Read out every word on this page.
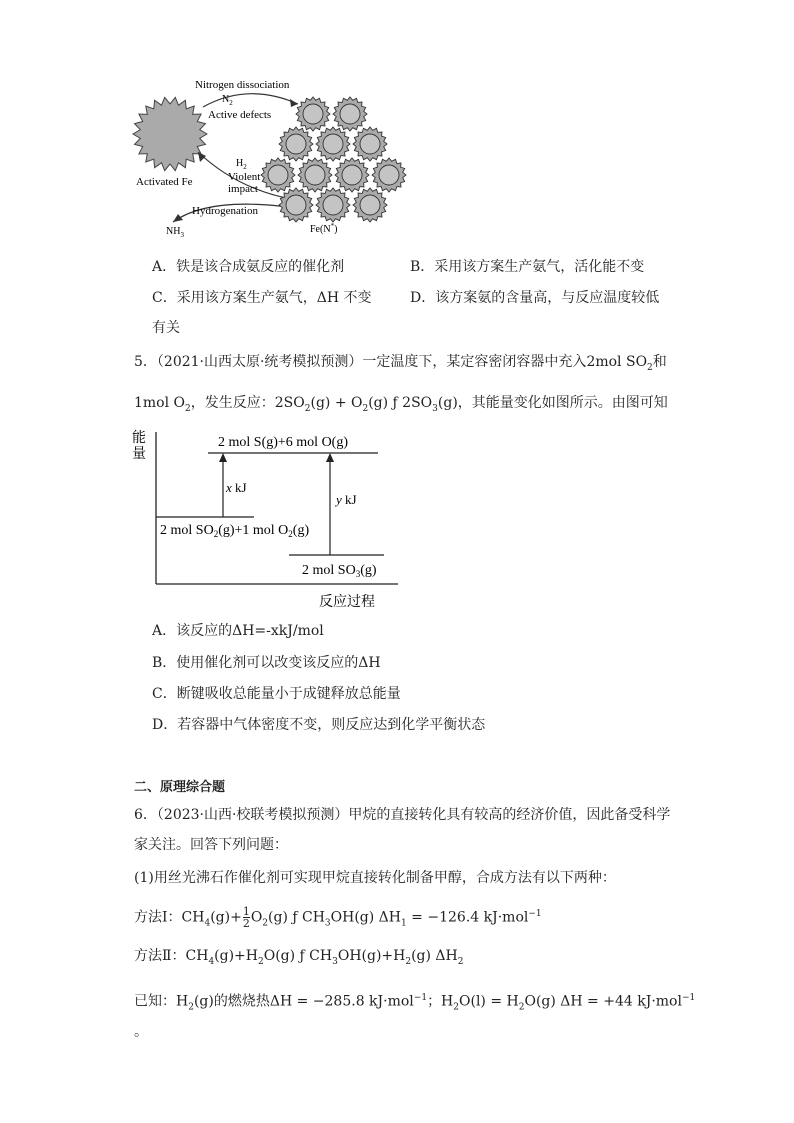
Nitrogen dissociation
$N_2$
Active defects
$H_2$
Violent
impact
Activated Fe
Hydrogenation
$NH_3$	Fe(N*)
A．铁是该合成氨反应的催化剂	B．采用该方案生产氨气，活化能不变
C．采用该方案生产氨气，ΔH 不变	D．该方案氨的含量高，与反应温度较低
有关
5．（2021·山西太原·统考模拟预测）一定温度下，某定容密闭容器中充入2mol $SO_2$和
1mol $O_2$，发生反应：$2SO_2(g) + O_2(g)$ ƒ $2SO_3(g)$，其能量变化如图所示。由图可知
能
量
反应过程
2 mol S(g)+6 mol O(g)
x kJ
y kJ
2 mol $SO_2(g)+1$ mol $O_2(g)$
2 mol $SO_3(g)$
A．该反应的ΔH=-xkJ/mol
B．使用催化剂可以改变该反应的ΔH
C．断键吸收总能量小于成键释放总能量
D．若容器中气体密度不变，则反应达到化学平衡状态
二、原理综合题
6．（2023·山西·校联考模拟预测）甲烷的直接转化具有较高的经济价值，因此备受科学
家关注。回答下列问题：
(1)用丝光沸石作催化剂可实现甲烷直接转化制备甲醇，合成方法有以下两种：
方法Ⅰ：$CH_4(g)+ \frac{1}{2} O_2(g)$ ƒ $CH_3OH(g) \Delta H_1 = -126.4$ kJ·mol$^{-1}$
方法Ⅱ：$CH_4(g)+H_2O(g)$ ƒ $CH_3OH(g)+H_2(g)$ $\Delta H_2$
已知：$H_2(g)$的燃烧热ΔH = −285.8 kJ·mol$^{-1}$；$H_2O(l) = H_2O(g) \Delta H = +44$ kJ·mol$^{-1}$
。
